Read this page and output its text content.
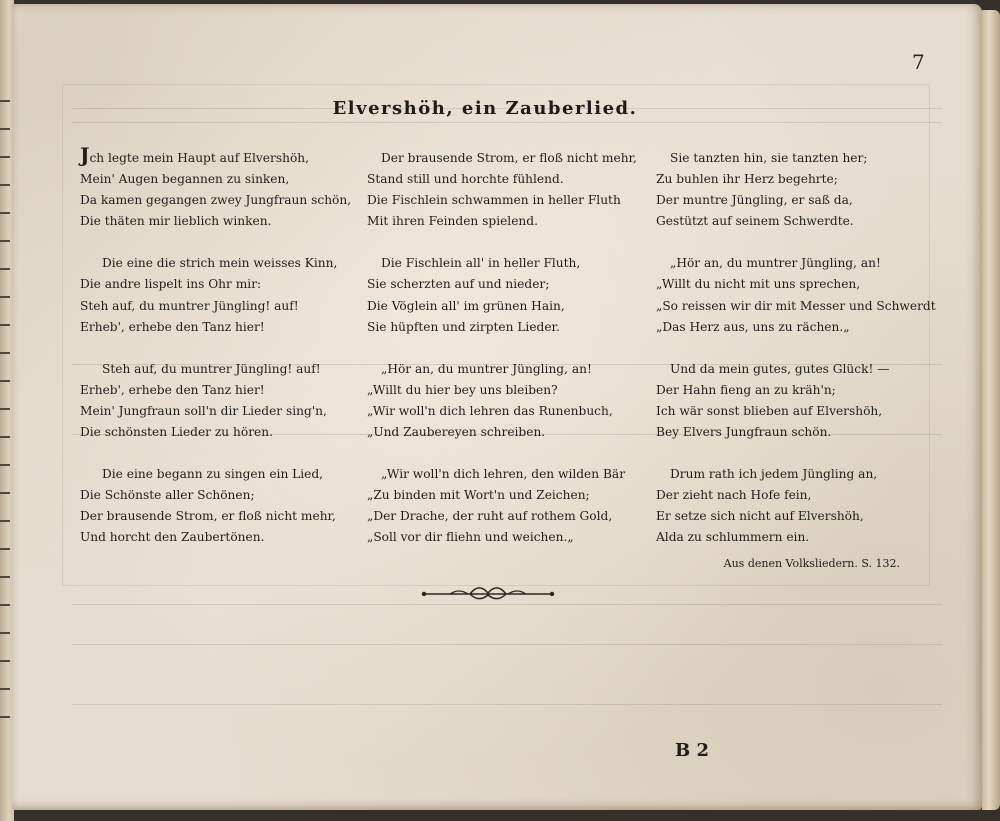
7
Elvershöh, ein Zauberlied.
Jch legte mein Haupt auf Elvershöh,
Mein' Augen begannen zu sinken,
Da kamen gegangen zwey Jungfraun schön,
Die thäten mir lieblich winken.
Die eine die strich mein weisses Kinn,
Die andre lispelt ins Ohr mir:
Steh auf, du muntrer Jüngling! auf!
Erheb', erhebe den Tanz hier!
Steh auf, du muntrer Jüngling! auf!
Erheb', erhebe den Tanz hier!
Mein' Jungfraun soll'n dir Lieder sing'n,
Die schönsten Lieder zu hören.
Die eine begann zu singen ein Lied,
Die Schönste aller Schönen;
Der brausende Strom, er floß nicht mehr,
Und horcht den Zaubertönen.
Der brausende Strom, er floß nicht mehr,
Stand still und horchte fühlend.
Die Fischlein schwammen in heller Fluth
Mit ihren Feinden spielend.
Die Fischlein all' in heller Fluth,
Sie scherzten auf und nieder;
Die Vöglein all' im grünen Hain,
Sie hüpften und zirpten Lieder.
„Hör an, du muntrer Jüngling, an!
„Willt du hier bey uns bleiben?
„Wir woll'n dich lehren das Runenbuch,
„Und Zaubereyen schreiben.
„Wir woll'n dich lehren, den wilden Bär
„Zu binden mit Wort'n und Zeichen;
„Der Drache, der ruht auf rothem Gold,
„Soll vor dir fliehn und weichen.„
Sie tanzten hin, sie tanzten her;
Zu buhlen ihr Herz begehrte;
Der muntre Jüngling, er saß da,
Gestützt auf seinem Schwerdte.
„Hör an, du muntrer Jüngling, an!
„Willt du nicht mit uns sprechen,
„So reissen wir dir mit Messer und Schwerdt
„Das Herz aus, uns zu rächen.„
Und da mein gutes, gutes Glück! —
Der Hahn fieng an zu kräh'n;
Ich wär sonst blieben auf Elvershöh,
Bey Elvers Jungfraun schön.
Drum rath ich jedem Jüngling an,
Der zieht nach Hofe fein,
Er setze sich nicht auf Elvershöh,
Alda zu schlummern ein.
Aus denen Volksliedern. S. 132.
B 2
